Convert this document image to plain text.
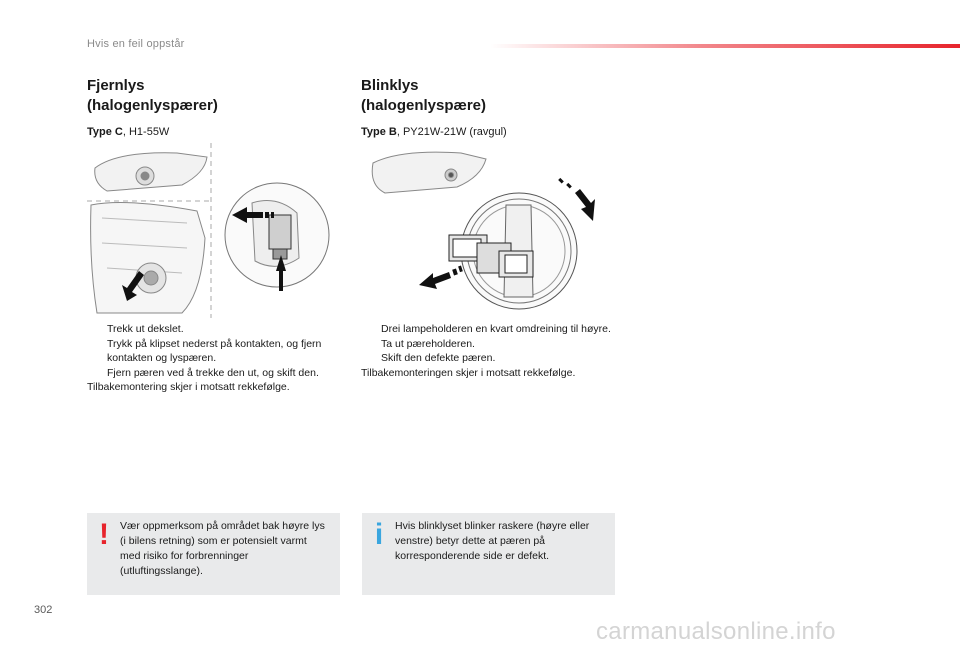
Hvis en feil oppstår
Fjernlys
(halogenlyspærer)
Type C, H1-55W
Blinklys
(halogenlyspære)
Type B, PY21W-21W (ravgul)
Trekk ut dekslet.
Trykk på klipset nederst på kontakten, og fjern kontakten og lyspæren.
Fjern pæren ved å trekke den ut, og skift den.
Tilbakemontering skjer i motsatt rekkefølge.
Drei lampeholderen en kvart omdreining til høyre.
Ta ut pæreholderen.
Skift den defekte pæren.
Tilbakemonteringen skjer i motsatt rekkefølge.
!	Vær oppmerksom på området bak høyre lys (i bilens retning) som er potensielt varmt med risiko for forbrenninger (utluftingsslange).
i	Hvis blinklyset blinker raskere (høyre eller venstre) betyr dette at pæren på korresponderende side er defekt.
302
carmanualsonline.info
